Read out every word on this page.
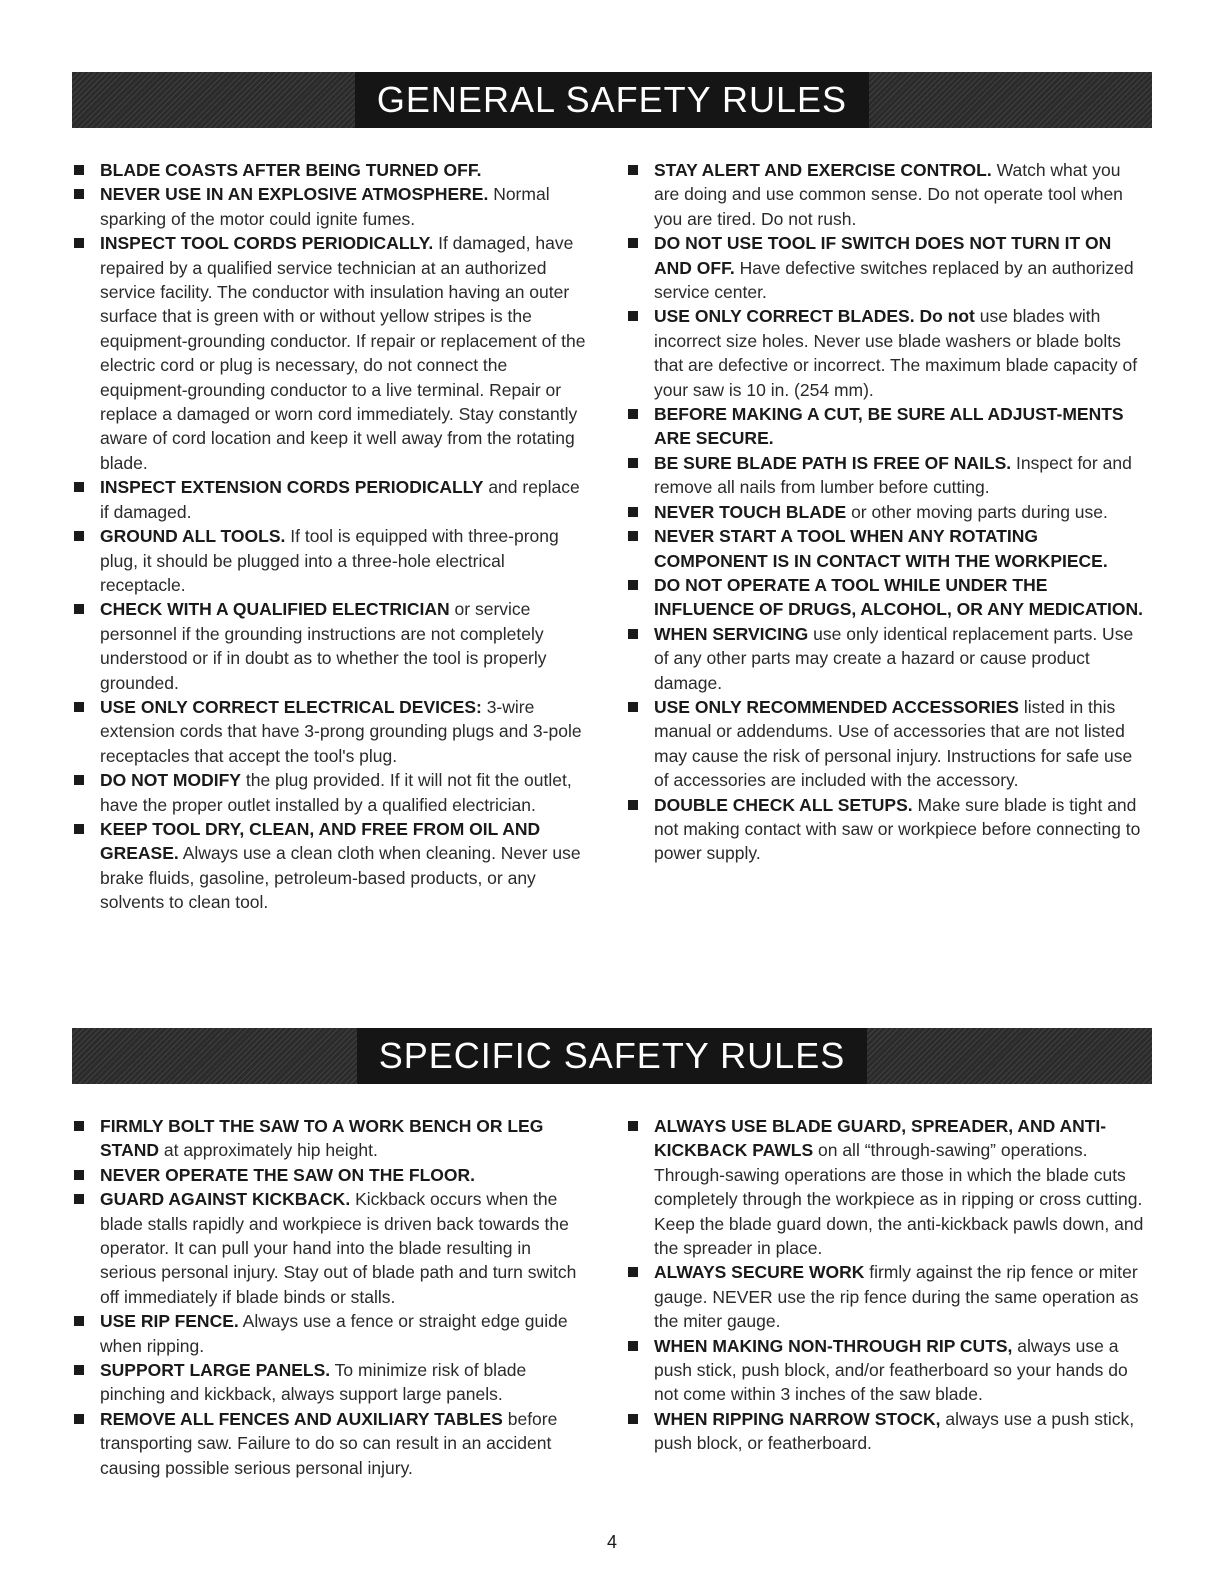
GENERAL SAFETY RULES

BLADE COASTS AFTER BEING TURNED OFF.

NEVER USE IN AN EXPLOSIVE ATMOSPHERE. Normal sparking of the motor could ignite fumes.

INSPECT TOOL CORDS PERIODICALLY. If damaged, have repaired by a qualified service technician at an authorized service facility. The conductor with insulation having an outer surface that is green with or without yellow stripes is the equipment-grounding conductor. If repair or replacement of the electric cord or plug is necessary, do not connect the equipment-grounding conductor to a live terminal. Repair or replace a damaged or worn cord immediately. Stay constantly aware of cord location and keep it well away from the rotating blade.

INSPECT EXTENSION CORDS PERIODICALLY and replace if damaged.

GROUND ALL TOOLS. If tool is equipped with three-prong plug, it should be plugged into a three-hole electrical receptacle.

CHECK WITH A QUALIFIED ELECTRICIAN or service personnel if the grounding instructions are not completely understood or if in doubt as to whether the tool is properly grounded.

USE ONLY CORRECT ELECTRICAL DEVICES: 3-wire extension cords that have 3-prong grounding plugs and 3-pole receptacles that accept the tool's plug.

DO NOT MODIFY the plug provided. If it will not fit the outlet, have the proper outlet installed by a qualified electrician.

KEEP TOOL DRY, CLEAN, AND FREE FROM OIL AND GREASE. Always use a clean cloth when cleaning. Never use brake fluids, gasoline, petroleum-based products, or any solvents to clean tool.

STAY ALERT AND EXERCISE CONTROL. Watch what you are doing and use common sense. Do not operate tool when you are tired. Do not rush.

DO NOT USE TOOL IF SWITCH DOES NOT TURN IT ON AND OFF. Have defective switches replaced by an authorized service center.

USE ONLY CORRECT BLADES. Do not use blades with incorrect size holes. Never use blade washers or blade bolts that are defective or incorrect. The maximum blade capacity of your saw is 10 in. (254 mm).

BEFORE MAKING A CUT, BE SURE ALL ADJUST-MENTS ARE SECURE.

BE SURE BLADE PATH IS FREE OF NAILS. Inspect for and remove all nails from lumber before cutting.

NEVER TOUCH BLADE or other moving parts during use.

NEVER START A TOOL WHEN ANY ROTATING COMPONENT IS IN CONTACT WITH THE WORKPIECE.

DO NOT OPERATE A TOOL WHILE UNDER THE INFLUENCE OF DRUGS, ALCOHOL, OR ANY MEDICATION.

WHEN SERVICING use only identical replacement parts. Use of any other parts may create a hazard or cause product damage.

USE ONLY RECOMMENDED ACCESSORIES listed in this manual or addendums. Use of accessories that are not listed may cause the risk of personal injury. Instructions for safe use of accessories are included with the accessory.

DOUBLE CHECK ALL SETUPS. Make sure blade is tight and not making contact with saw or workpiece before connecting to power supply.

SPECIFIC SAFETY RULES

FIRMLY BOLT THE SAW TO A WORK BENCH OR LEG STAND at approximately hip height.

NEVER OPERATE THE SAW ON THE FLOOR.

GUARD AGAINST KICKBACK. Kickback occurs when the blade stalls rapidly and workpiece is driven back towards the operator. It can pull your hand into the blade resulting in serious personal injury. Stay out of blade path and turn switch off immediately if blade binds or stalls.

USE RIP FENCE. Always use a fence or straight edge guide when ripping.

SUPPORT LARGE PANELS. To minimize risk of blade pinching and kickback, always support large panels.

REMOVE ALL FENCES AND AUXILIARY TABLES before transporting saw. Failure to do so can result in an accident causing possible serious personal injury.

ALWAYS USE BLADE GUARD, SPREADER, AND ANTI-KICKBACK PAWLS on all “through-sawing” operations. Through-sawing operations are those in which the blade cuts completely through the workpiece as in ripping or cross cutting. Keep the blade guard down, the anti-kickback pawls down, and the spreader in place.

ALWAYS SECURE WORK firmly against the rip fence or miter gauge. NEVER use the rip fence during the same operation as the miter gauge.

WHEN MAKING NON-THROUGH RIP CUTS, always use a push stick, push block, and/or featherboard so your hands do not come within 3 inches of the saw blade.

WHEN RIPPING NARROW STOCK, always use a push stick, push block, or featherboard.

4
